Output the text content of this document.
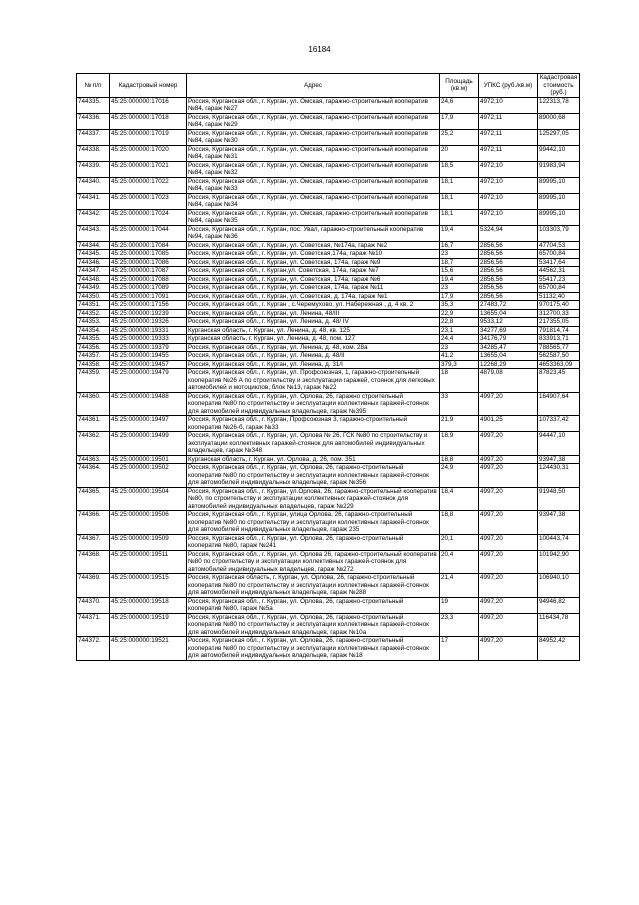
16184
№ п/п	Кадастровый номер	Адрес	Площадь (кв.м)	УПКС (руб./кв.м)	Кадастровая стоимость (руб.)
744335.	45:25:000000:17016	Россия, Курганская обл., г. Курган, ул. Омская, гаражно-строительный кооператив №84, гараж №27	24,6	4972,10	122313,78
744336.	45:25:000000:17018	Россия, Курганская обл., г. Курган, ул. Омская, гаражно-строительный кооператив №84, гараж №29	17,9	4972,11	89000,68
744337.	45:25:000000:17019	Россия, Курганская обл., г. Курган, ул. Омская, гаражно-строительный кооператив №84, гараж №30	25,2	4972,11	125297,05
744338.	45:25:000000:17020	Россия, Курганская обл., г. Курган, ул. Омская, гаражно-строительный кооператив №84, гараж №31	20	4972,11	99442,10
744339.	45:25:000000:17021	Россия, Курганская обл., г. Курган, ул. Омская, гаражно-строительный кооператив №84, гараж №32	18,5	4972,10	91983,94
744340.	45:25:000000:17022	Россия, Курганская обл., г. Курган, ул. Омская, гаражно-строительный кооператив №84, гараж №33	18,1	4972,10	89995,10
744341.	45:25:000000:17023	Россия, Курганская обл., г. Курган, ул. Омская, гаражно-строительный кооператив №84, гараж №34	18,1	4972,10	89995,10
744342.	45:25:000000:17024	Россия, Курганская обл., г. Курган, ул. Омская, гаражно-строительный кооператив №84, гараж №35	18,1	4972,10	89995,10
744343.	45:25:000000:17044	Россия, Курганская обл., г. Курган, пос. Увал, гаражно-строительный кооператив №94, гараж №36	19,4	5324,94	103303,79
744344.	45:25:000000:17084	Россия, Курганская обл., г. Курган, ул. Советская, №174а, гараж №2	16,7	2856,56	47704,53
744345.	45:25:000000:17085	Россия, Курганская обл., г. Курган, ул. Советская,174а, гараж №10	23	2856,56	65700,84
744346.	45:25:000000:17086	Россия, Курганская обл., г. Курган, ул. Советская, 174а, гараж №9	18,7	2856,56	53417,64
744347.	45:25:000000:17087	Россия, Курганская обл., г. Курган,ул. Советская, 174а, гараж №7	15,6	2856,56	44562,31
744348.	45:25:000000:17088	Россия, Курганская обл., г. Курган, ул. Советская, 174а, гараж №6	19,4	2856,56	55417,23
744349.	45:25:000000:17089	Россия, Курганская обл., г. Курган, ул. Советская, 174а, гараж №11	23	2856,56	65700,84
744350.	45:25:000000:17091	Россия, Курганская обл., г. Курган, ул. Советская, д. 174а, гараж №1	17,9	2856,56	51132,40
744351.	45:25:000000:17156	Россия, Курганская обл., г. Курган , с.Черемухово, ул. Набережная , д. 4 кв. 2	35,3	27483,72	970175,40
744352.	45:25:000000:19239	Россия, Курганская обл., г. Курган, ул. Ленина, 48/III	22,9	13655,04	312700,33
744353.	45:25:000000:19326	Россия, Курганская обл., г. Курган, ул. Ленина, д. 48/ IV	22,8	9533,12	217355,05
744354.	45:25:000000:19331	Курганская область, г. Курган, ул. Ленина, д. 48, кв. 125	23,1	34277,69	791814,74
744355.	45:25:000000:19333	Курганская область, г. Курган, ул. Ленина, д. 48, пом. 127	24,4	34176,79	833913,71
744356.	45:25:000000:19379	Россия, Курганская обл., г. Курган, ул. Ленина, д. 48, ком. 28а	23	34285,47	788565,77
744357.	45:25:000000:19455	Россия, Курганская обл., г. Курган, ул. Ленина, д. 48/II	41,2	13655,04	562587,50
744358.	45:25:000000:19457	Россия, Курганская обл., г. Курган, ул. Ленина, д. 31/I	379,3	12268,29	4653363,09
744359.	45:25:000000:19479	Россия, Курганская обл., г. Курган, ул. Профсоюзная, 1, гаражно-строительный кооператив №26 А по строительству и эксплуатации гаражей, стоянок для легковых автомобилей и мотоциклов, блок №13, гараж №22	18	4879,08	87823,45
744360.	45:25:000000:19488	Россия, Курганская обл., г. Курган, ул. Орлова, 26, гаражно строительный кооператив №80 по строительству и эксплуатации коллективных гаражей-стоянок для автомобилей индивидуальных владельцев, гараж №395	33	4997,20	164907,64
744361.	45:25:000000:19497	Россия, Курганская обл., г. Курган, Профсоюзная 3, гаражно-строительный кооператив №26-б, гараж №33	21,9	4901,25	107337,42
744362.	45:25:000000:19499	Россия, Курганская обл., г. Курган, ул. Орлова № 26, ГСК №80 по строительству и эксплуатации коллективных гаражей-стоянок для автомобилей индивидуальных владельцев, гараж №348	18,9	4997,20	94447,10
744363.	45:25:000000:19501	Курганская область, г. Курган, ул. Орлова, д. 26, пом. 351	18,8	4997,20	93947,38
744364.	45:25:000000:19502	Россия, Курганская обл., г. Курган, ул. Орлова, 26, гаражно-строительный кооператив №80 по строительству и эксплуатации коллективных гаражей-стоянок для автомобилей индивидуальных владельцев, гараж №356	24,9	4997,20	124430,31
744365.	45:25:000000:19504	Россия, Курганская обл., г. Курган, ул.Орлова, 26, гаражно-строительный кооператив №80, по строительству и эксплуатации коллективных гаражей-стоянок для автомобилей индивидуальных владельцев, гараж №229	18,4	4997,20	91948,50
744366.	45:25:000000:19506	Россия, Курганская обл., г. Курган, улица Орлова, 26, гаражно-строительный кооператив №80 по строительству и эксплуатации коллективных гаражей-стоянок для автомобилей индивидуальных владельцев, гараж 235	18,8	4997,20	93947,38
744367.	45:25:000000:19509	Россия, Курганская обл., г. Курган, ул. Орлова, 26, гаражно-строительный кооператив №80, гараж №241	20,1	4997,20	100443,74
744368.	45:25:000000:19511	Россия, Курганская обл., г. Курган, ул. Орлова 26, гаражно-строительный кооператив №80 по строительству и эксплуатации коллективных гаражей-стоянок для автомобилей индивидуальных владельцев, гараж №272	20,4	4997,20	101942,90
744369.	45:25:000000:19515	Россия, Курганская область, г. Курган, ул. Орлова, 26, гаражно-строительный кооператив №80 по строительству и эксплуатации коллективных гаражей-стоянок для автомобилей индивидуальных владельцев, гараж №288	21,4	4997,20	106940,10
744370.	45:25:000000:19518	Россия, Курганская обл., г. Курган, ул. Орлова, 26, гаражно-строительный кооператив №80, гараж №5а	19	4997,20	94946,82
744371.	45:25:000000:19519	Россия, Курганская обл., г. Курган, ул. Орлова, 26, гаражно-строительный кооператив №80 по строительству и эксплуатации коллективных гаражей-стоянок для автомобилей индивидуальных владельцев, гараж №10а	23,3	4997,20	116434,78
744372.	45:25:000000:19521	Россия, Курганская обл., г. Курган, ул. Орлова, 26, гаражно-строительный кооператив №80 по строительству и эксплуатации коллективных гаражей-стоянок для автомобилей индивидуальных владельцев, гараж №18	17	4997,20	84952,42
